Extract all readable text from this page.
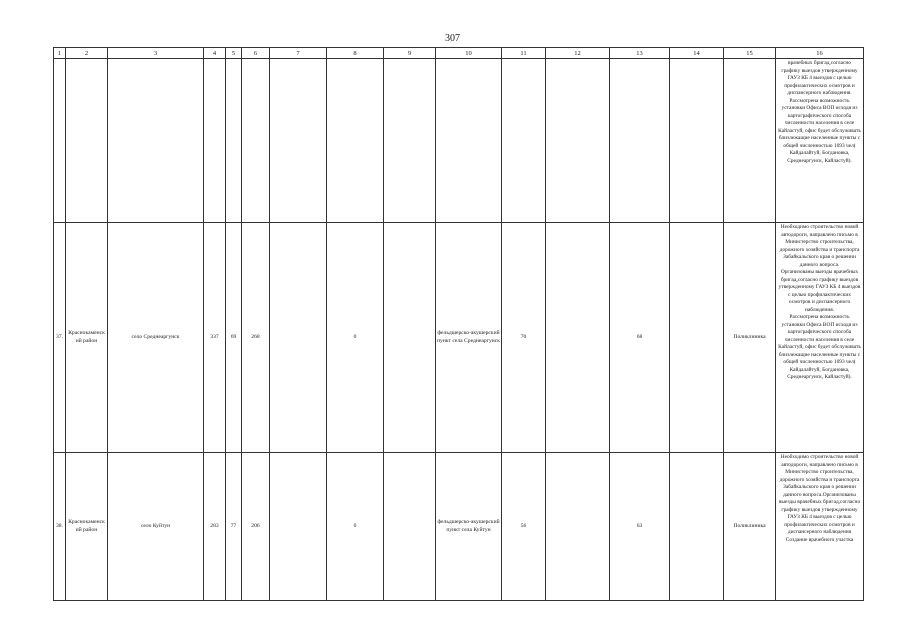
307
1	2	3	4	5	6	7	8	9	10	11	12	13	14	15	16

															врачебных бригад,согласно графику выездов утвержденному ГАУЗ КБ 4 выездов с целью профилактических осмотров и диспансерного наблюдения.
Рассмотрена возможность установки Офиса ВОП исходя из картографического способа численности населения в селе Кайластуй, офис будет обслуживать близлежащие населенные пункты с общей численностью 1693 чел( Кайдалайтуй, Богдановка, Среднеаргунск, Кайластуй).

37.	Краснокаменский район	село Среднеаргунск	337	69	268		0		фельдшерско-акушерский пункт села Среднеаргунск	70		68		Поликлиника	Необходимо строительство новой автодороги, направлено письмо в Министерство строительства, дорожного хозяйства и транспорта Забайкальского края о решении данного вопроса.
Организованы выезды врачебных бригад,согласно графику выездов утвержденному ГАУЗ КБ 4 выездов с целью профилактических осмотров и диспансерного наблюдения.
Рассмотрена возможность установки Офиса ВОП исходя из картографического способа численности населения в селе Кайластуй, офис будет обслуживать близлежащие населенные пункты с общей численностью 1693 чел( Кайдалайтуй, Богдановка, Среднеаргунск, Кайластуй).

38.	Краснокаменский район	село Куйтун	283	77	206		0		фельдшерско-акушерский пункт села Куйтун	56		63		Поликлиника	Необходимо строительство новой автодороги, направлено письмо в Министерство строительства, дорожного хозяйства и транспорта Забайкальского края о решении данного вопроса.Организованы выезды врачебных бригад,согласно графику выездов утвержденному ГАУЗ КБ 4 выездов с целью профилактических осмотров и диспансерного наблюдения
Создание врачебного участка
